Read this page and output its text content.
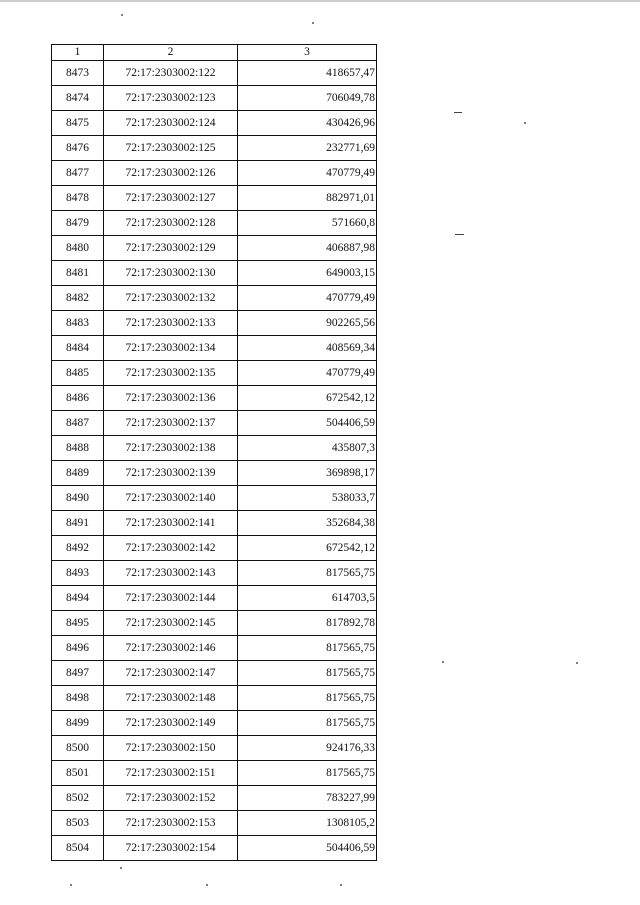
1	2	3
8473	72:17:2303002:122	418657,47
8474	72:17:2303002:123	706049,78
8475	72:17:2303002:124	430426,96
8476	72:17:2303002:125	232771,69
8477	72:17:2303002:126	470779,49
8478	72:17:2303002:127	882971,01
8479	72:17:2303002:128	571660,8
8480	72:17:2303002:129	406887,98
8481	72:17:2303002:130	649003,15
8482	72:17:2303002:132	470779,49
8483	72:17:2303002:133	902265,56
8484	72:17:2303002:134	408569,34
8485	72:17:2303002:135	470779,49
8486	72:17:2303002:136	672542,12
8487	72:17:2303002:137	504406,59
8488	72:17:2303002:138	435807,3
8489	72:17:2303002:139	369898,17
8490	72:17:2303002:140	538033,7
8491	72:17:2303002:141	352684,38
8492	72:17:2303002:142	672542,12
8493	72:17:2303002:143	817565,75
8494	72:17:2303002:144	614703,5
8495	72:17:2303002:145	817892,78
8496	72:17:2303002:146	817565,75
8497	72:17:2303002:147	817565,75
8498	72:17:2303002:148	817565,75
8499	72:17:2303002:149	817565,75
8500	72:17:2303002:150	924176,33
8501	72:17:2303002:151	817565,75
8502	72:17:2303002:152	783227,99
8503	72:17:2303002:153	1308105,2
8504	72:17:2303002:154	504406,59
